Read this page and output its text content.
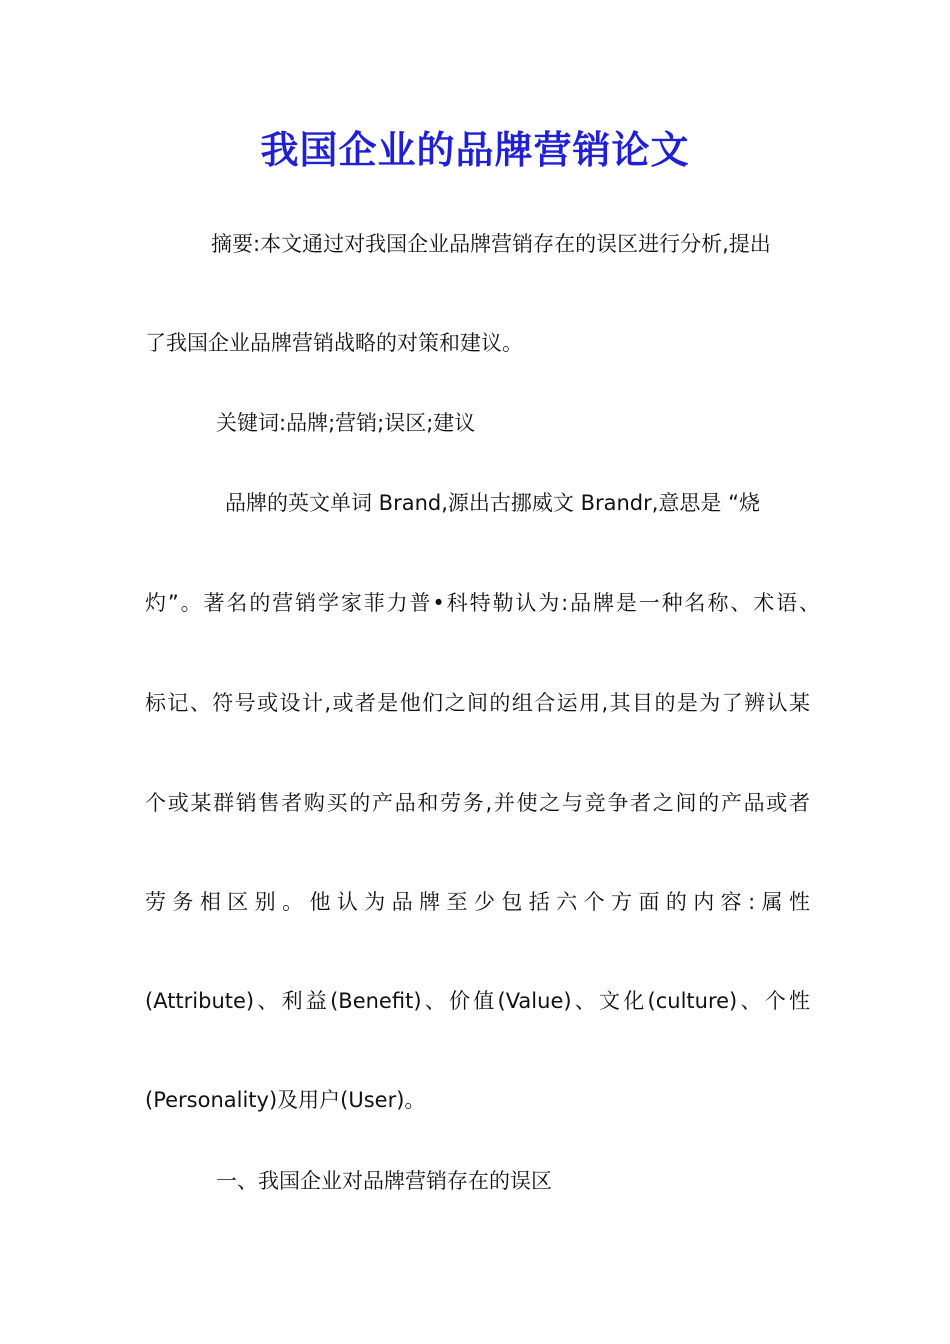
我国企业的品牌营销论文
摘要:本文通过对我国企业品牌营销存在的误区进行分析,提出
了我国企业品牌营销战略的对策和建议。
关键词:品牌;营销;误区;建议
品牌的英文单词 Brand,源出古挪威文 Brandr,意思是 “烧
灼”。著名的营销学家菲力普•科特勒认为:品牌是一种名称、术语、
标记、符号或设计,或者是他们之间的组合运用,其目的是为了辨认某
个或某群销售者购买的产品和劳务,并使之与竞争者之间的产品或者
劳务相区别。他认为品牌至少包括六个方面的内容:属性
(Attribute)、利益(Benefit)、价值(Value)、文化(culture)、个性
(Personality)及用户(User)。
一、我国企业对品牌营销存在的误区
